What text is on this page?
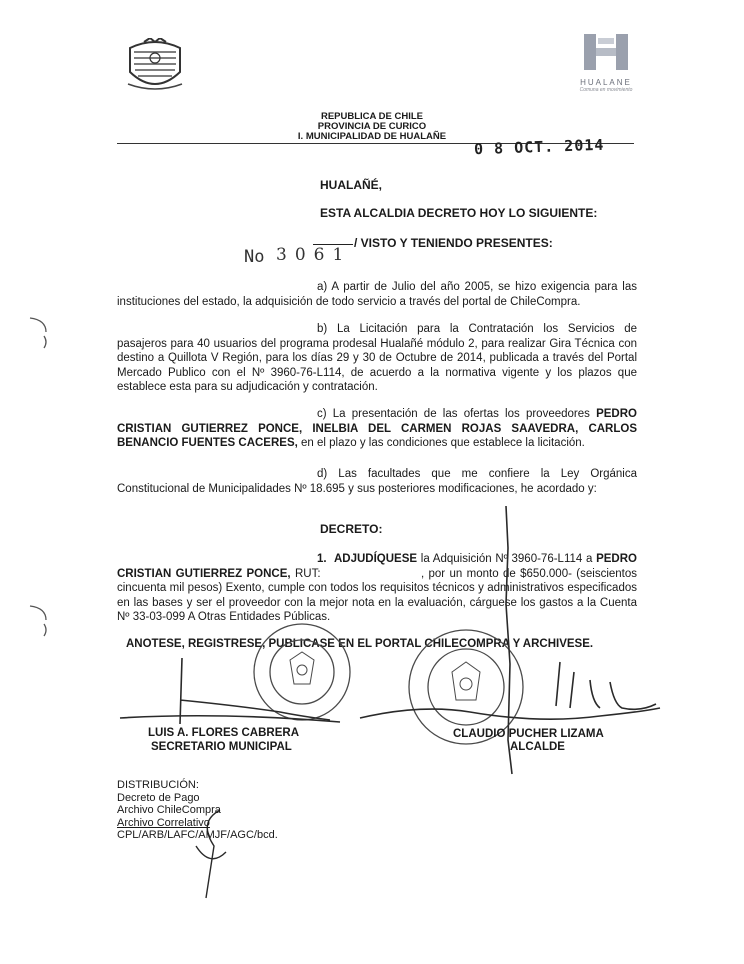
HUALANE
Comuna en movimiento
REPUBLICA DE CHILE
PROVINCIA DE CURICO
I. MUNICIPALIDAD DE HUALAÑE	0 8 OCT. 2014
HUALAÑÉ,
ESTA ALCALDIA DECRETO HOY LO SIGUIENTE:
/ VISTO Y TENIENDO PRESENTES:
No 3061

a) A partir de Julio del año 2005, se hizo exigencia para las instituciones del estado, la adquisición de todo servicio a través del portal de ChileCompra.

b) La Licitación para la Contratación los Servicios de pasajeros para 40 usuarios del programa prodesal Hualañé módulo 2, para realizar Gira Técnica con destino a Quillota V Región, para los días 29 y 30 de Octubre de 2014, publicada a través del Portal Mercado Publico con el Nº 3960-76-L114, de acuerdo a la normativa vigente y los plazos que establece esta para su adjudicación y contratación.

c) La presentación de las ofertas los proveedores PEDRO CRISTIAN GUTIERREZ PONCE, INELBIA DEL CARMEN ROJAS SAAVEDRA, CARLOS BENANCIO FUENTES CACERES, en el plazo y las condiciones que establece la licitación.

d) Las facultades que me confiere la Ley Orgánica Constitucional de Municipalidades Nº 18.695 y sus posteriores modificaciones, he acordado y:

DECRETO:

1. ADJUDÍQUESE la Adquisición Nº 3960-76-L114 a PEDRO CRISTIAN GUTIERREZ PONCE, RUT:	, por un monto de $650.000- (seiscientos cincuenta mil pesos) Exento, cumple con todos los requisitos técnicos y administrativos especificados en las bases y ser el proveedor con la mejor nota en la evaluación, cárguese los gastos a la Cuenta Nº 33-03-099 A Otras Entidades Públicas.

ANOTESE, REGISTRESE, PUBLICASE EN EL PORTAL CHILECOMPRA Y ARCHIVESE.
LUIS A. FLORES CABRERA
SECRETARIO MUNICIPAL
CLAUDIO PUCHER LIZAMA
ALCALDE
DISTRIBUCIÓN:
Decreto de Pago
Archivo ChileCompra
Archivo Correlativo
CPL/ARB/LAFC/AMJF/AGC/bcd.
